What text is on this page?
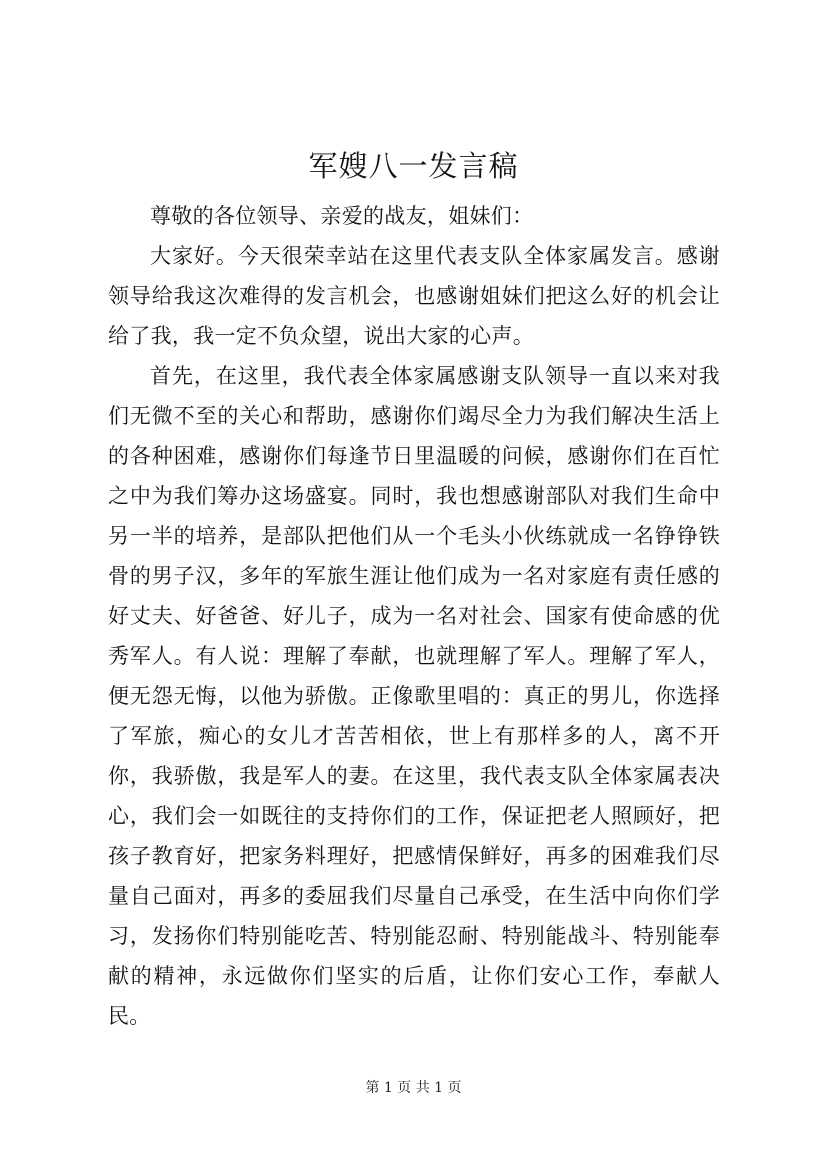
军嫂八一发言稿

尊敬的各位领导、亲爱的战友，姐妹们：

大家好。今天很荣幸站在这里代表支队全体家属发言。感谢领导给我这次难得的发言机会，也感谢姐妹们把这么好的机会让给了我，我一定不负众望，说出大家的心声。

首先，在这里，我代表全体家属感谢支队领导一直以来对我们无微不至的关心和帮助，感谢你们竭尽全力为我们解决生活上的各种困难，感谢你们每逢节日里温暖的问候，感谢你们在百忙之中为我们筹办这场盛宴。同时，我也想感谢部队对我们生命中另一半的培养，是部队把他们从一个毛头小伙练就成一名铮铮铁骨的男子汉，多年的军旅生涯让他们成为一名对家庭有责任感的好丈夫、好爸爸、好儿子，成为一名对社会、国家有使命感的优秀军人。有人说：理解了奉献，也就理解了军人。理解了军人，便无怨无悔，以他为骄傲。正像歌里唱的：真正的男儿，你选择了军旅，痴心的女儿才苦苦相依，世上有那样多的人，离不开你，我骄傲，我是军人的妻。在这里，我代表支队全体家属表决心，我们会一如既往的支持你们的工作，保证把老人照顾好，把孩子教育好，把家务料理好，把感情保鲜好，再多的困难我们尽量自己面对，再多的委屈我们尽量自己承受，在生活中向你们学习，发扬你们特别能吃苦、特别能忍耐、特别能战斗、特别能奉献的精神，永远做你们坚实的后盾，让你们安心工作，奉献人民。

第 1 页 共 1 页
